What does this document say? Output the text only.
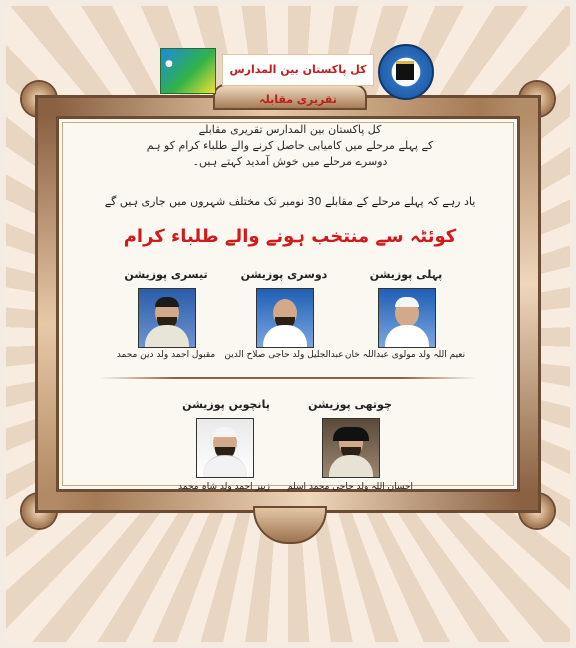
●	کل پاکستان بین المدارس تقریری مقابلہ
کل پاکستان بین المدارس تقریری مقابلے
کے پہلے مرحلے میں کامیابی حاصل کرنے والے طلباء کرام کو ہم
دوسرے مرحلے میں خوش آمدید کہتے ہیں۔
یاد رہے کہ پہلے مرحلے کے مقابلے 30 نومبر تک مختلف شہروں میں جاری ہیں گے
کوئٹہ سے منتخب ہونے والے طلباء کرام
پہلی پوزیشن
دوسری پوزیشن
تیسری پوزیشن
نعیم اللہ ولد مولوی عبداللہ خان
عبدالجلیل ولد حاجی صلاح الدین
مقبول احمد ولد دین محمد
چوتھی پوزیشن
پانچویں پوزیشن
احسان اللہ ولد حاجی محمد اسلم
زبیر احمد ولد شاہ محمد
